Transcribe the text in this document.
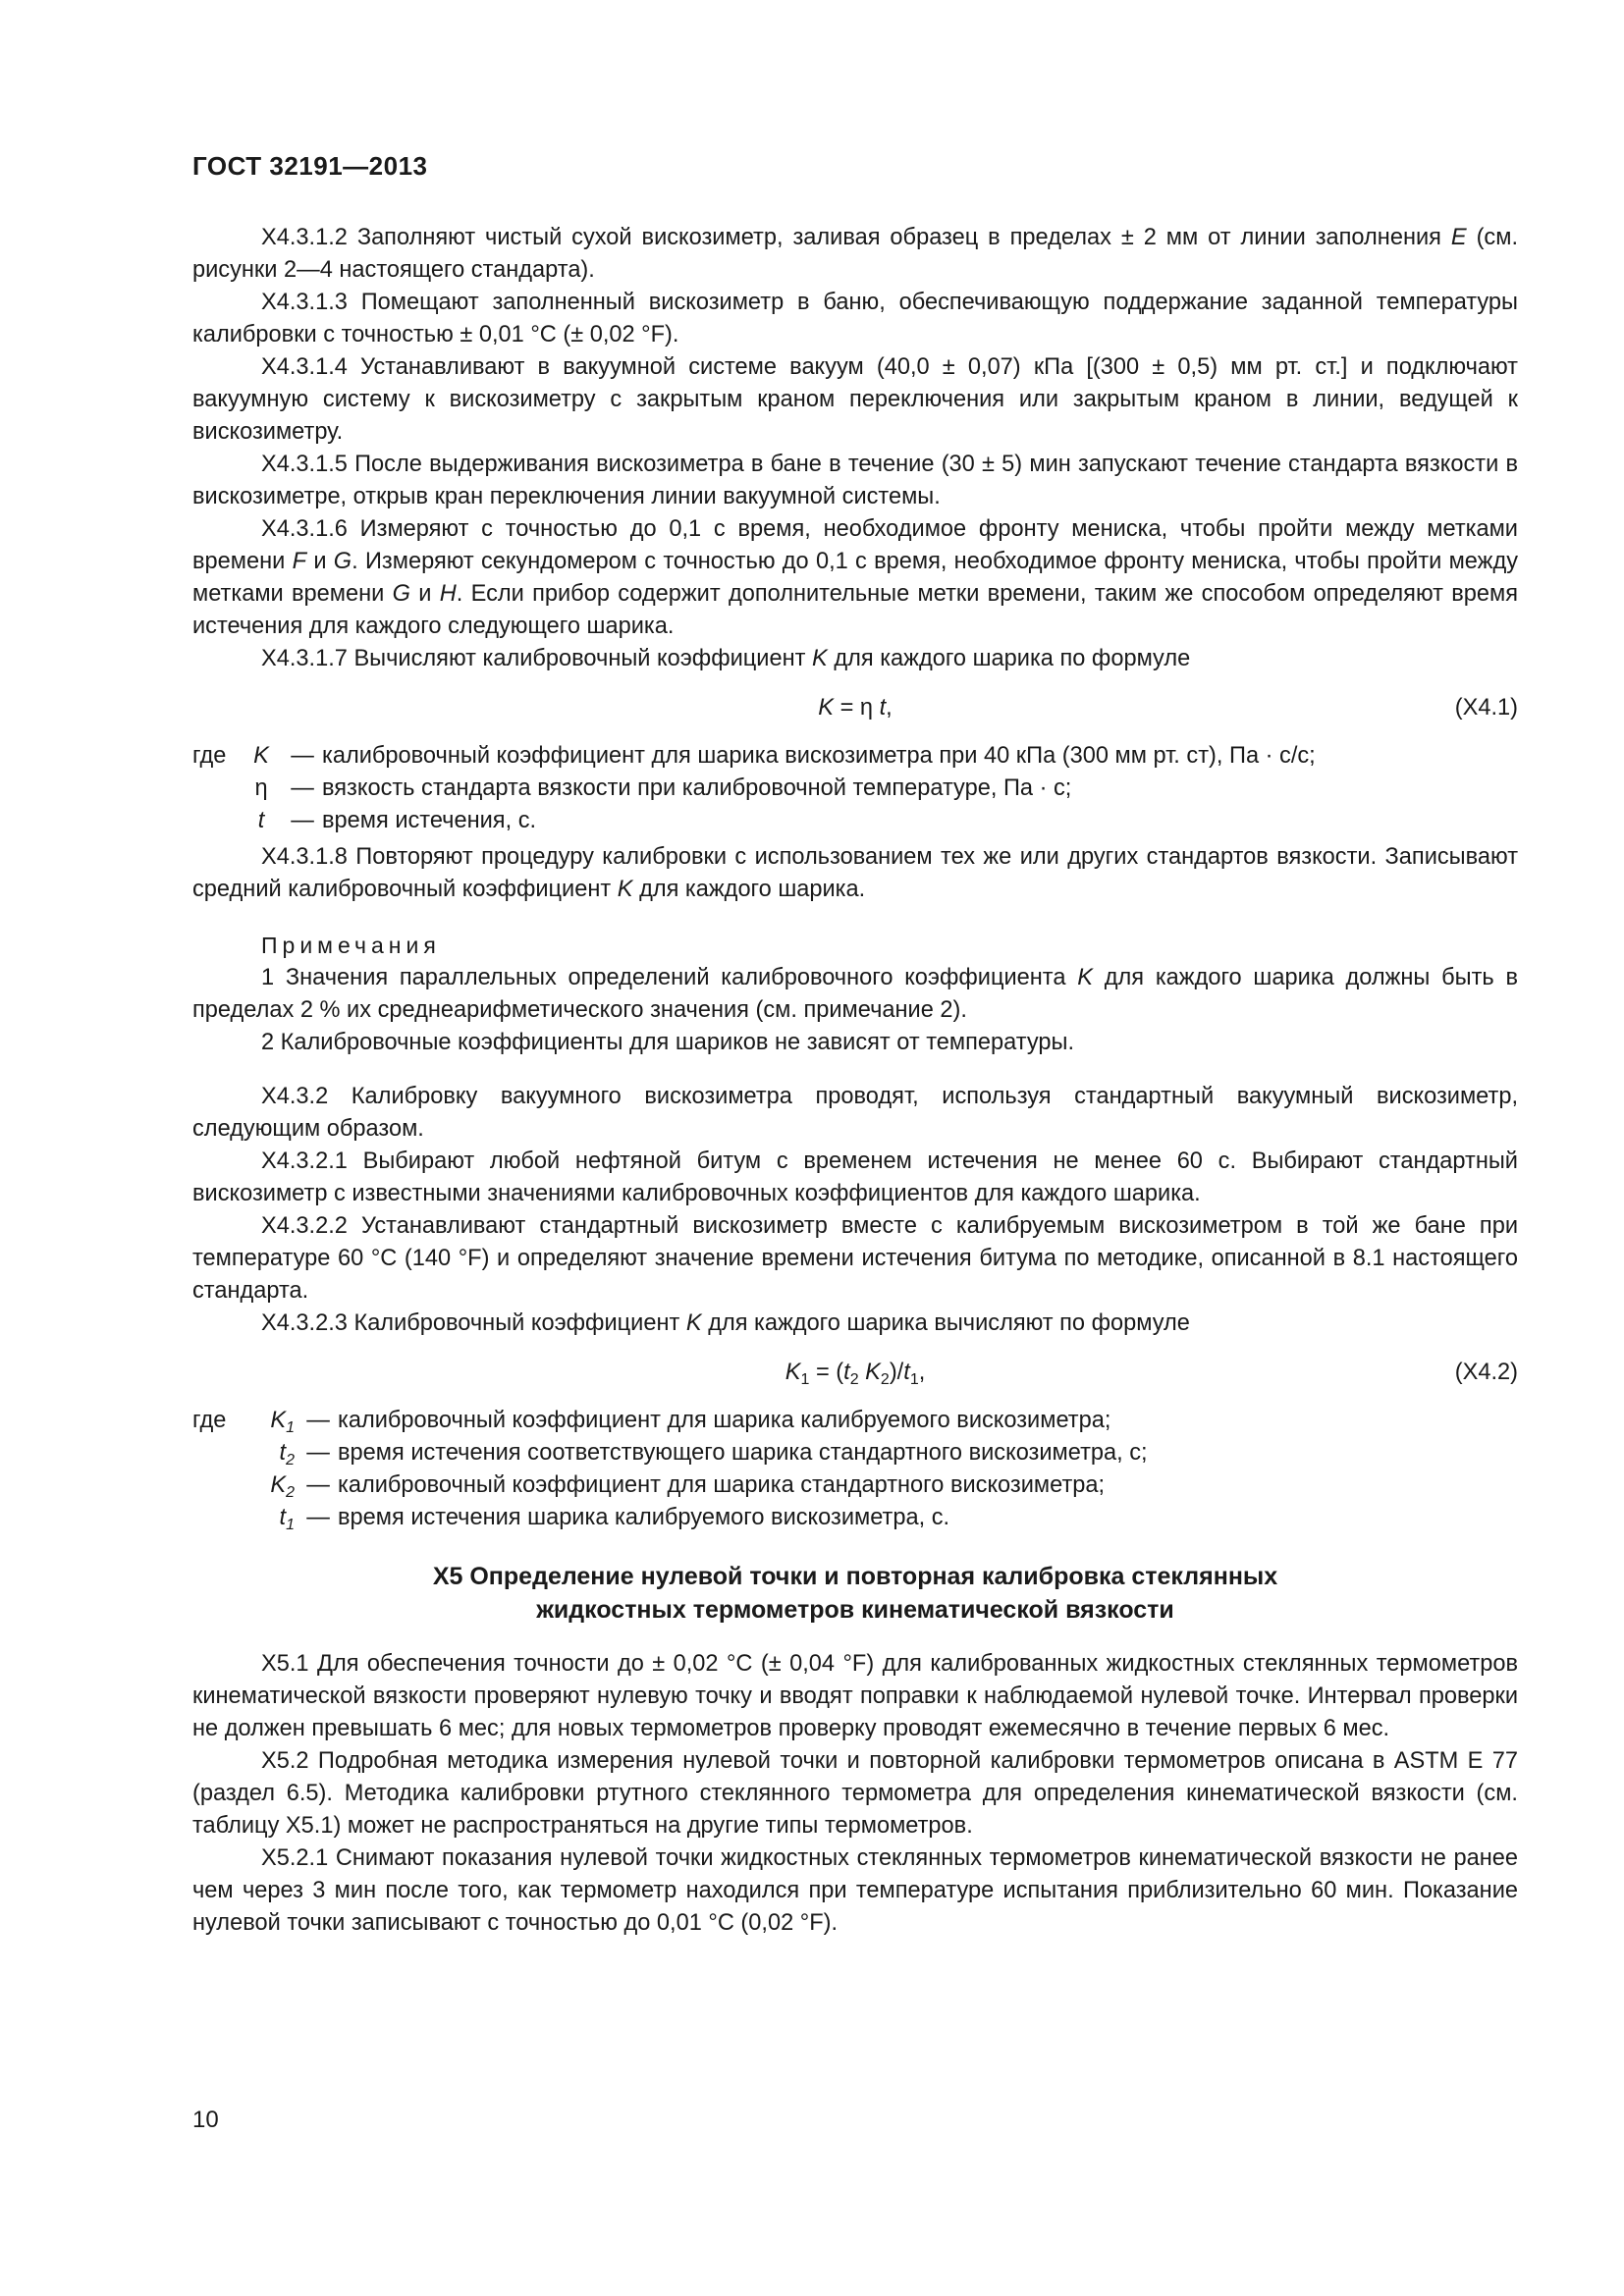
ГОСТ 32191—2013

X4.3.1.2 Заполняют чистый сухой вискозиметр, заливая образец в пределах ± 2 мм от линии заполнения E (см. рисунки 2—4 настоящего стандарта).

X4.3.1.3 Помещают заполненный вискозиметр в баню, обеспечивающую поддержание заданной температуры калибровки с точностью ± 0,01 °C (± 0,02 °F).

X4.3.1.4 Устанавливают в вакуумной системе вакуум (40,0 ± 0,07) кПа [(300 ± 0,5) мм рт. ст.] и подключают вакуумную систему к вискозиметру с закрытым краном переключения или закрытым краном в линии, ведущей к вискозиметру.

X4.3.1.5 После выдерживания вискозиметра в бане в течение (30 ± 5) мин запускают течение стандарта вязкости в вискозиметре, открыв кран переключения линии вакуумной системы.

X4.3.1.6 Измеряют с точностью до 0,1 с время, необходимое фронту мениска, чтобы пройти между метками времени F и G. Измеряют секундомером с точностью до 0,1 с время, необходимое фронту мениска, чтобы пройти между метками времени G и H. Если прибор содержит дополнительные метки времени, таким же способом определяют время истечения для каждого следующего шарика.

X4.3.1.7 Вычисляют калибровочный коэффициент K для каждого шарика по формуле

K = η t,	(X4.1)
где	K — калибровочный коэффициент для шарика вискозиметра при 40 кПа (300 мм рт. ст), Па · с/с;
η	— вязкость стандарта вязкости при калибровочной температуре, Па · с;
t	— время истечения, с.

X4.3.1.8 Повторяют процедуру калибровки с использованием тех же или других стандартов вязкости. Записывают средний калибровочный коэффициент K для каждого шарика.

Примечания

1 Значения параллельных определений калибровочного коэффициента K для каждого шарика должны быть в пределах 2 % их среднеарифметического значения (см. примечание 2).

2 Калибровочные коэффициенты для шариков не зависят от температуры.

X4.3.2 Калибровку вакуумного вискозиметра проводят, используя стандартный вакуумный вискозиметр, следующим образом.

X4.3.2.1 Выбирают любой нефтяной битум с временем истечения не менее 60 с. Выбирают стандартный вискозиметр с известными значениями калибровочных коэффициентов для каждого шарика.

X4.3.2.2 Устанавливают стандартный вискозиметр вместе с калибруемым вискозиметром в той же бане при температуре 60 °C (140 °F) и определяют значение времени истечения битума по методике, описанной в 8.1 настоящего стандарта.

X4.3.2.3 Калибровочный коэффициент K для каждого шарика вычисляют по формуле

$K_1 = (t_2$ $K_2)/t_1$,	(X4.2)
где	$K_1$ — калибровочный коэффициент для шарика калибруемого вискозиметра;
$t_2$ — время истечения соответствующего шарика стандартного вискозиметра, с;
$K_2$ — калибровочный коэффициент для шарика стандартного вискозиметра;
$t_1$ — время истечения шарика калибруемого вискозиметра, с.
X5 Определение нулевой точки и повторная калибровка стеклянных
жидкостных термометров кинематической вязкости

X5.1 Для обеспечения точности до ± 0,02 °C (± 0,04 °F) для калиброванных жидкостных стеклянных термометров кинематической вязкости проверяют нулевую точку и вводят поправки к наблюдаемой нулевой точке. Интервал проверки не должен превышать 6 мес; для новых термометров проверку проводят ежемесячно в течение первых 6 мес.

X5.2 Подробная методика измерения нулевой точки и повторной калибровки термометров описана в ASTM E 77 (раздел 6.5). Методика калибровки ртутного стеклянного термометра для определения кинематической вязкости (см. таблицу X5.1) может не распространяться на другие типы термометров.

X5.2.1 Снимают показания нулевой точки жидкостных стеклянных термометров кинематической вязкости не ранее чем через 3 мин после того, как термометр находился при температуре испытания приблизительно 60 мин. Показание нулевой точки записывают с точностью до 0,01 °C (0,02 °F).

10
